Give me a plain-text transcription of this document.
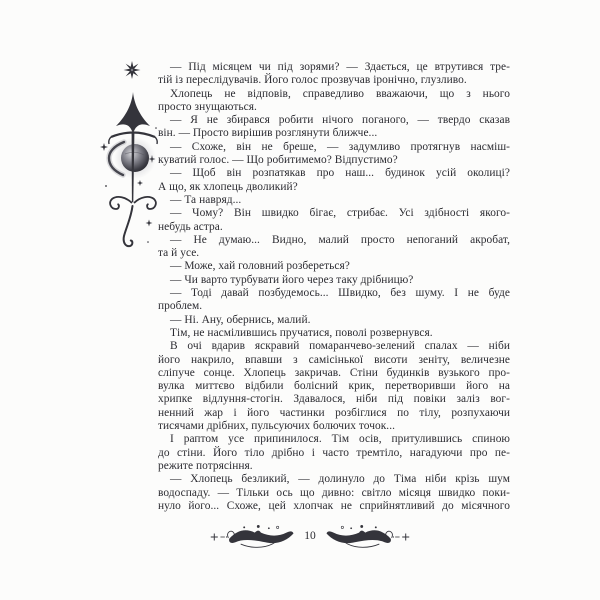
— Під місяцем чи під зорями? — Здається, це втрутився тре-
тій із переслідувачів. Його голос прозвучав іронічно, глузливо.
Хлопець не відповів, справедливо вважаючи, що з нього
просто знущаються.
— Я не збирався робити нічого поганого, — твердо сказав
він. — Просто вирішив розглянути ближче...
— Схоже, він не бреше, — задумливо протягнув насміш-
куватий голос. — Що робитимемо? Відпустимо?
— Щоб він розпатякав про наш... будинок усій околиці?
А що, як хлопець дволикий?
— Та навряд...
— Чому? Він швидко бігає, стрибає. Усі здібності якого-
небудь астра.
— Не думаю... Видно, малий просто непоганий акробат,
та й усе.
— Може, хай головний розбереться?
— Чи варто турбувати його через таку дрібницю?
— Тоді давай позбудемось... Швидко, без шуму. І не буде
проблем.
— Ні. Ану, обернись, малий.
Тім, не насмілившись пручатися, поволі розвернувся.
В очі вдарив яскравий помаранчево-зелений спалах — ніби
його накрило, впавши з самісінької висоти зеніту, величезне
сліпуче сонце. Хлопець закричав. Стіни будинків вузького про-
вулка миттєво відбили болісний крик, перетворивши його на
хрипке відлуння-стогін. Здавалося, ніби під повіки заліз вог-
ненний жар і його частинки розбіглися по тілу, розпухаючи
тисячами дрібних, пульсуючих болючих точок...
І раптом усе припинилося. Тім осів, притулившись спиною
до стіни. Його тіло дрібно і часто тремтіло, нагадуючи про пе-
режите потрясіння.
— Хлопець безликий, — долинуло до Тіма ніби крізь шум
водоспаду. — Тільки ось що дивно: світло місяця швидко поки-
нуло його... Схоже, цей хлопчак не сприйнятливий до місячного
10
